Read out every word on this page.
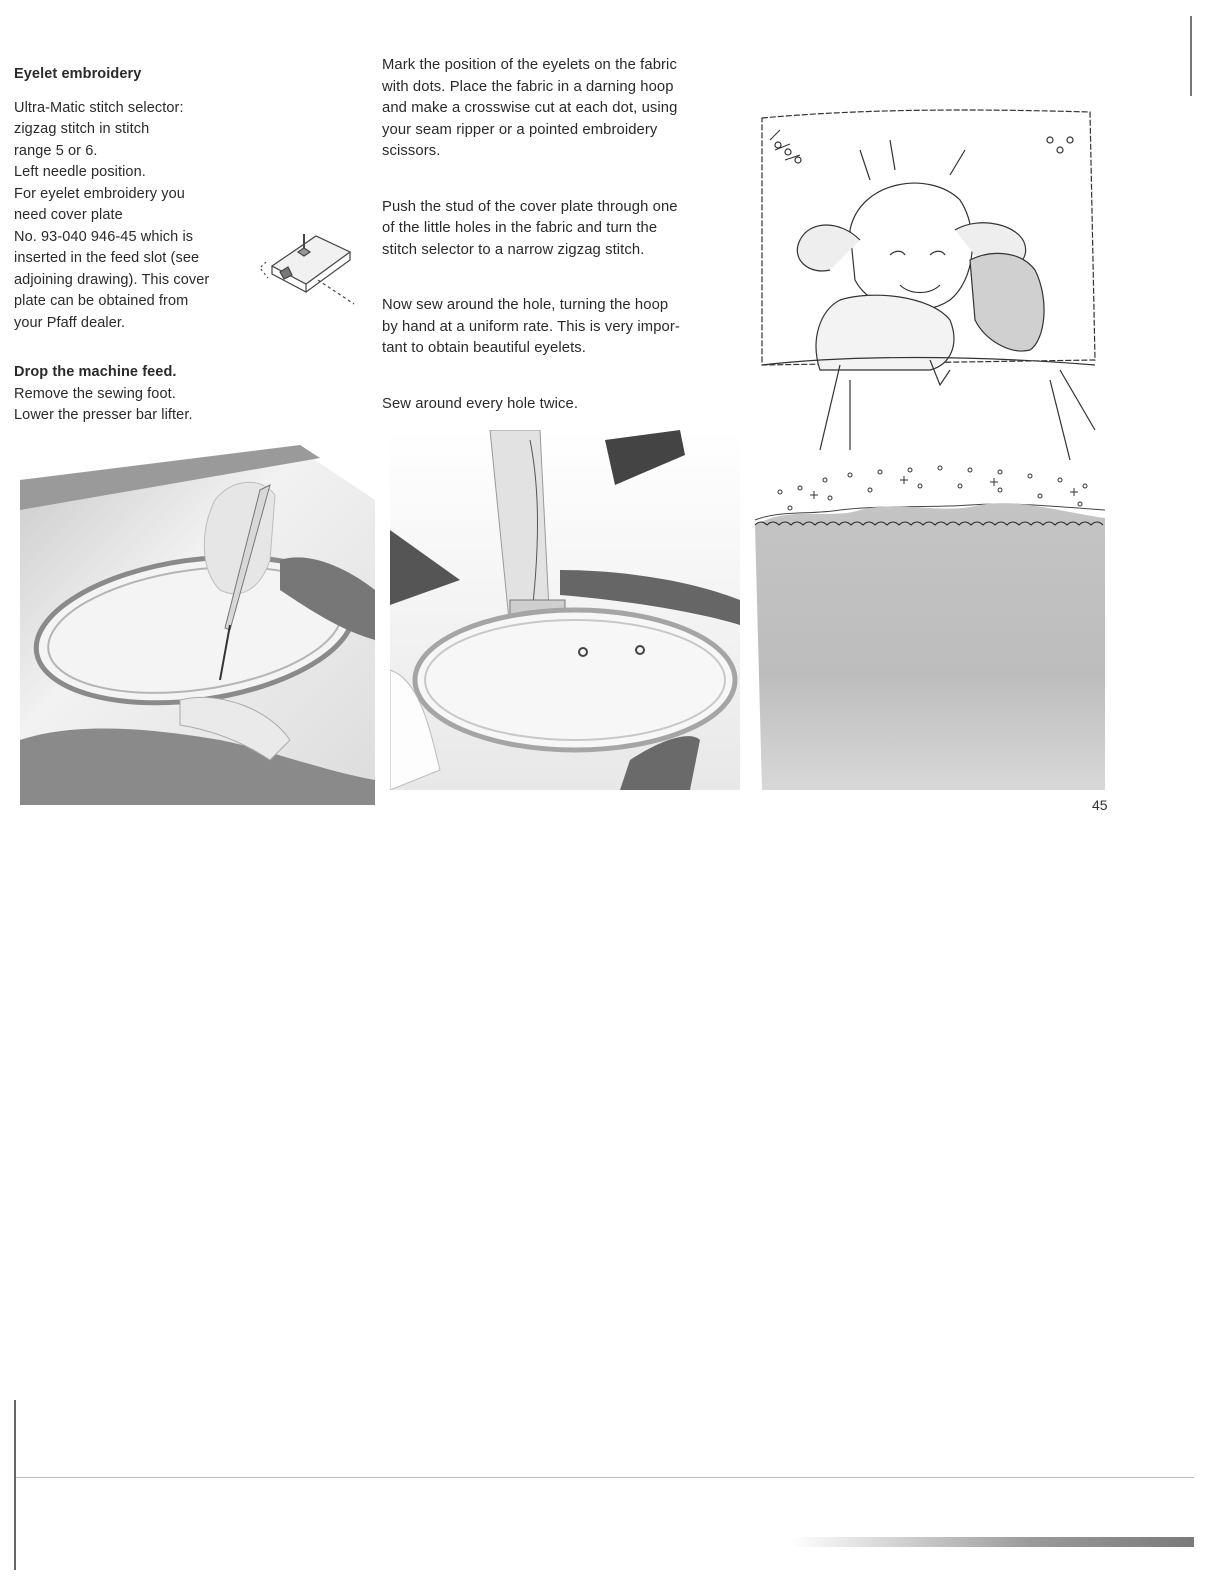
Eyelet embroidery
Ultra-Matic stitch selector:
zigzag stitch in stitch
range 5 or 6.
Left needle position.
For eyelet embroidery you
need cover plate
No. 93-040 946-45 which is
inserted in the feed slot (see
adjoining drawing). This cover
plate can be obtained from
your Pfaff dealer.
Drop the machine feed.
Remove the sewing foot.
Lower the presser bar lifter.
Mark the position of the eyelets on the fabric
with dots. Place the fabric in a darning hoop
and make a crosswise cut at each dot, using
your seam ripper or a pointed embroidery
scissors.
Push the stud of the cover plate through one
of the little holes in the fabric and turn the
stitch selector to a narrow zigzag stitch.
Now sew around the hole, turning the hoop
by hand at a uniform rate. This is very impor-
tant to obtain beautiful eyelets.
Sew around every hole twice.
45
